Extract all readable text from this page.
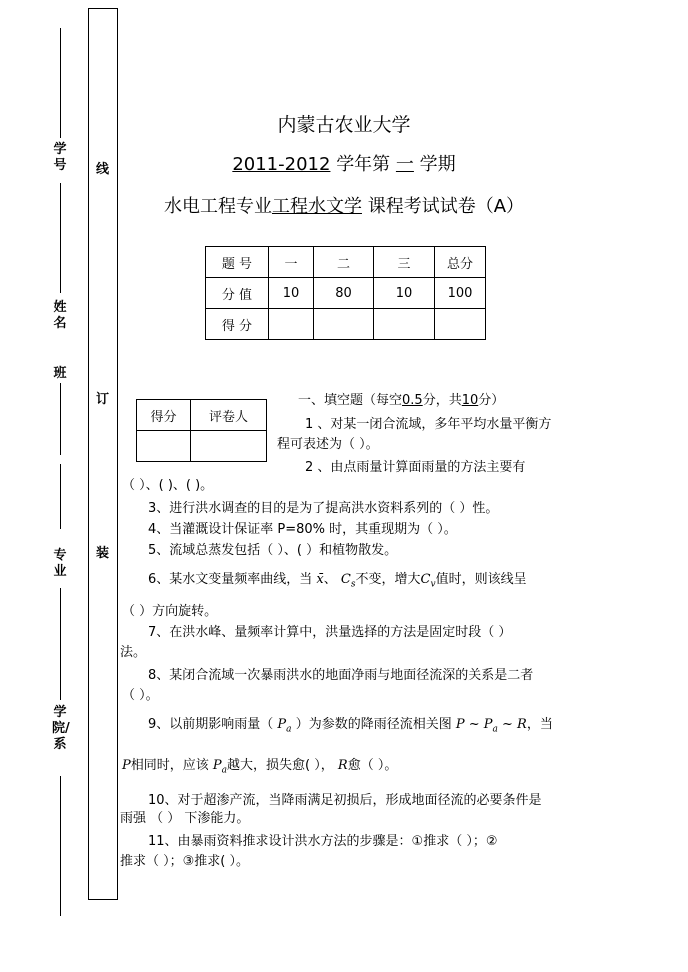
学号
姓名
班
专业
学院/系
线
订
装
内蒙古农业大学
2011-2012 学年第 一 学期
水电工程专业工程水文学 课程考试试卷（A）
题 号	一	二	三	总分
分 值	10	80	10	100
得 分				
得分	评卷人

一、填空题（每空0.5分，共10分）
1 、对某一闭合流域，多年平均水量平衡方
程可表述为（ ）。
2 、由点雨量计算面雨量的方法主要有
（ ）、( )、( )。
3、进行洪水调查的目的是为了提高洪水资料系列的（ ）性。
4、当灌溉设计保证率 P=80% 时，其重现期为（ ）。
5、流域总蒸发包括（ ）、( ）和植物散发。
6、某水文变量频率曲线，当 x̄、 $C_s$不变，增大$C_v$值时，则该线呈
（ ）方向旋转。
7、在洪水峰、量频率计算中，洪量选择的方法是固定时段（ ）
法。
8、某闭合流域一次暴雨洪水的地面净雨与地面径流深的关系是二者
（ ）。
9、以前期影响雨量（ $P_a$ ）为参数的降雨径流相关图 P ~ $P_a$ ~ R，当
P相同时，应该 $P_a$越大，损失愈( ）， R愈（ ）。
10、对于超渗产流，当降雨满足初损后，形成地面径流的必要条件是
雨强 （ ） 下渗能力。
11、由暴雨资料推求设计洪水方法的步骤是：①推求（ ）；②
推求（ ）；③推求( ）。
